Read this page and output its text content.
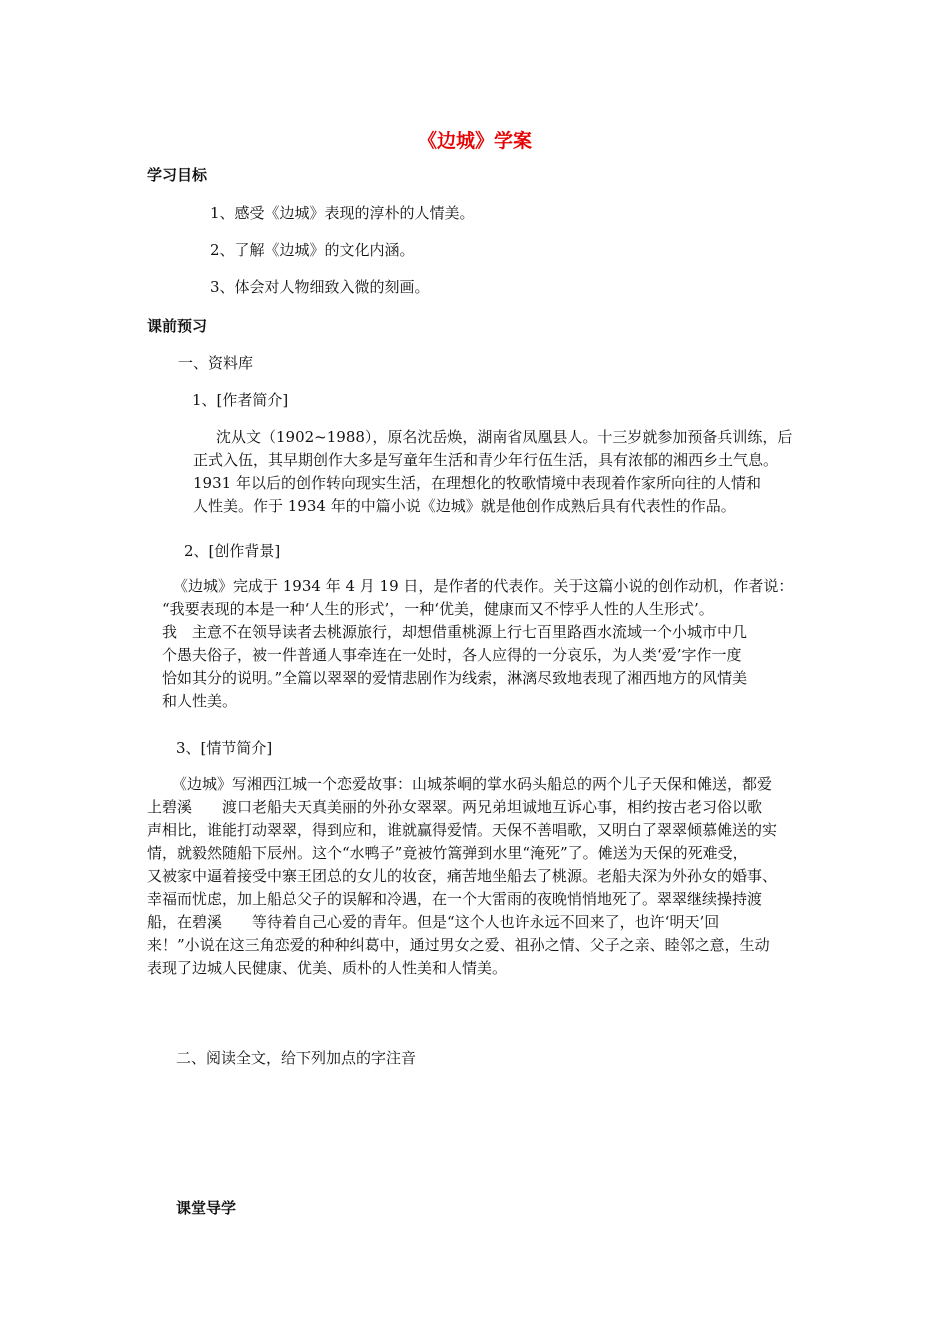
《边城》学案
学习目标
1、感受《边城》表现的淳朴的人情美。
2、了解《边城》的文化内涵。
3、体会对人物细致入微的刻画。
课前预习
一、资料库
1、[作者简介]
沈从文（1902~1988），原名沈岳焕，湖南省凤凰县人。十三岁就参加预备兵训练，后
正式入伍，其早期创作大多是写童年生活和青少年行伍生活，具有浓郁的湘西乡土气息。
1931 年以后的创作转向现实生活，在理想化的牧歌情境中表现着作家所向往的人情和
人性美。作于 1934 年的中篇小说《边城》就是他创作成熟后具有代表性的作品。
2、[创作背景]
《边城》完成于 1934 年 4 月 19 日，是作者的代表作。关于这篇小说的创作动机，作者说：
“我要表现的本是一种‘人生的形式’，一种‘优美，健康而又不悖乎人性的人生形式’。
我　主意不在领导读者去桃源旅行，却想借重桃源上行七百里路酉水流域一个小城市中几
个愚夫俗子，被一件普通人事牵连在一处时，各人应得的一分哀乐，为人类‘爱’字作一度
恰如其分的说明。”全篇以翠翠的爱情悲剧作为线索，淋漓尽致地表现了湘西地方的风情美
和人性美。
3、[情节简介]
《边城》写湘西江城一个恋爱故事：山城茶峒的掌水码头船总的两个儿子天保和傩送，都爱
上碧溪　　渡口老船夫天真美丽的外孙女翠翠。两兄弟坦诚地互诉心事，相约按古老习俗以歌
声相比，谁能打动翠翠，得到应和，谁就赢得爱情。天保不善唱歌，又明白了翠翠倾慕傩送的实
情，就毅然随船下辰州。这个“水鸭子”竟被竹篙弹到水里“淹死”了。傩送为天保的死难受，
又被家中逼着接受中寨王团总的女儿的妆奁，痛苦地坐船去了桃源。老船夫深为外孙女的婚事、
幸福而忧虑，加上船总父子的误解和冷遇，在一个大雷雨的夜晚悄悄地死了。翠翠继续操持渡
船，在碧溪　　等待着自己心爱的青年。但是“这个人也许永远不回来了，也许‘明天’回
来！”小说在这三角恋爱的种种纠葛中，通过男女之爱、祖孙之情、父子之亲、睦邻之意，生动
表现了边城人民健康、优美、质朴的人性美和人情美。
二、阅读全文，给下列加点的字注音
课堂导学
